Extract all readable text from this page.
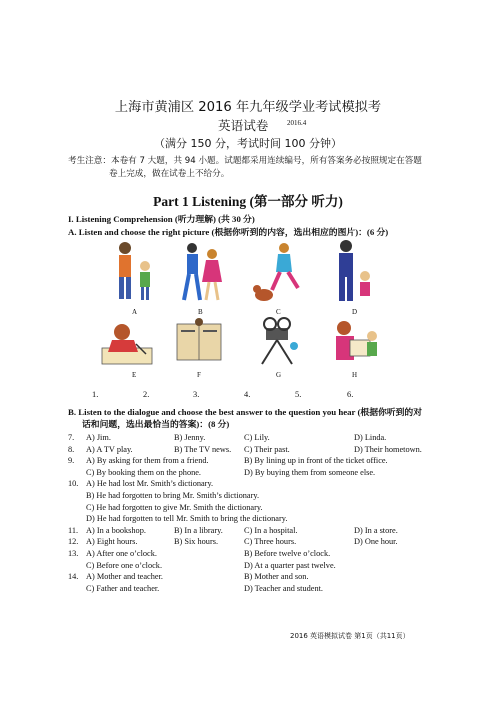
上海市黄浦区 2016 年九年级学业考试模拟考
英语试卷	2016.4
（满分 150 分，考试时间 100 分钟）
考生注意：本卷有 7 大题，共 94 小题。试题都采用连续编号，所有答案务必按照规定在答题
卷上完成，做在试卷上不给分。
Part 1 Listening (第一部分 听力)
I. Listening Comprehension (听力理解) (共 30 分)
A. Listen and choose the right picture (根据你听到的内容，选出相应的图片)：(6 分)
A	B	C	D
E	F	G	H
1.	2.	3.	4.	5.	6.
B. Listen to the dialogue and choose the best answer to the question you hear (根据你听到的对
话和问题，选出最恰当的答案)：(8 分)
7. A) Jim.	B) Jenny.	C) Lily.	D) Linda.
8. A) A TV play.	B) The TV news. C) Their past.	D) Their hometown.
9. A) By asking for them from a friend.	B) By lining up in front of the ticket office.
C) By booking them on the phone.	D) By buying them from someone else.
10. A) He had lost Mr. Smith’s dictionary.
B) He had forgotten to bring Mr. Smith’s dictionary.
C) He had forgotten to give Mr. Smith the dictionary.
D) He had forgotten to tell Mr. Smith to bring the dictionary.
11. A) In a bookshop.	B) In a library.	C) In a hospital.	D) In a store.
12. A) Eight hours.	B) Six hours.	C) Three hours.	D) One hour.
13. A) After one o’clock.	B) Before twelve o’clock.
C) Before one o’clock.	D) At a quarter past twelve.
14. A) Mother and teacher.	B) Mother and son.
C) Father and teacher.	D) Teacher and student.
2016 英语模拟试卷 第1页（共11页）
